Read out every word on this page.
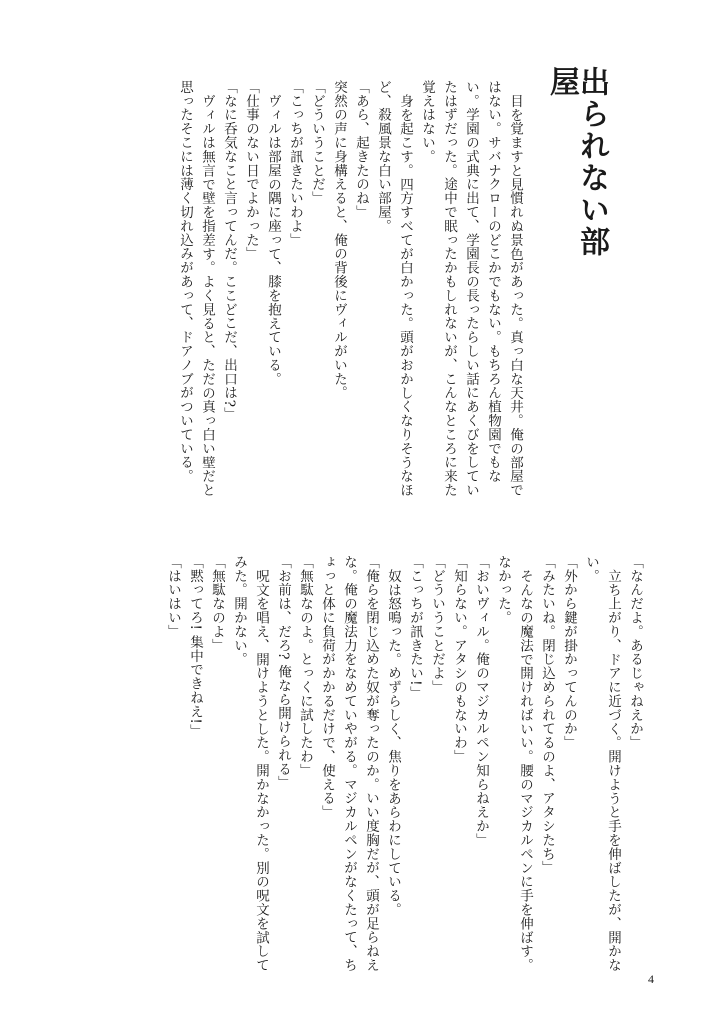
出られない部屋

目を覚ますと見慣れぬ景色があった。真っ白な天井。俺の部屋ではない。サバナクローのどこかでもない。もちろん植物園でもない。学園の式典に出て、学園長の長ったらしい話にあくびをしていたはずだった。途中で眠ったかもしれないが、こんなところに来た覚えはない。

身を起こす。四方すべてが白かった。頭がおかしくなりそうなほど、殺風景な白い部屋。

「あら、起きたのね」

突然の声に身構えると、俺の背後にヴィルがいた。

「どういうことだ」

「こっちが訊きたいわよ」

ヴィルは部屋の隅に座って、膝を抱えている。

「仕事のない日でよかった」

「なに呑気なこと言ってんだ。ここどこだ、出口は?」

ヴィルは無言で壁を指差す。よく見ると、ただの真っ白い壁だと思ったそこには薄く切れ込みがあって、ドアノブがついている。

「なんだよ。あるじゃねえか」

立ち上がり、ドアに近づく。開けようと手を伸ばしたが、開かない。

「外から鍵が掛かってんのか」

「みたいね。閉じ込められてるのよ、アタシたち」

そんなの魔法で開ければいい。腰のマジカルペンに手を伸ばす。なかった。

「おいヴィル。俺のマジカルペン知らねえか」

「知らない。アタシのもないわ」

「どういうことだよ」

「こっちが訊きたい!」

奴は怒鳴った。めずらしく、焦りをあらわにしている。

「俺らを閉じ込めた奴が奪ったのか。いい度胸だが、頭が足らねえな。俺の魔法力をなめていやがる。マジカルペンがなくたって、ちょっと体に負荷がかかるだけで、使える」

「無駄なのよ。とっくに試したわ」

「お前は、だろ? 俺なら開けられる」

呪文を唱え、開けようとした。開かなかった。別の呪文を試してみた。開かない。

「無駄なのよ」

「黙ってろ! 集中できねえ!」

「はいはい」

4
